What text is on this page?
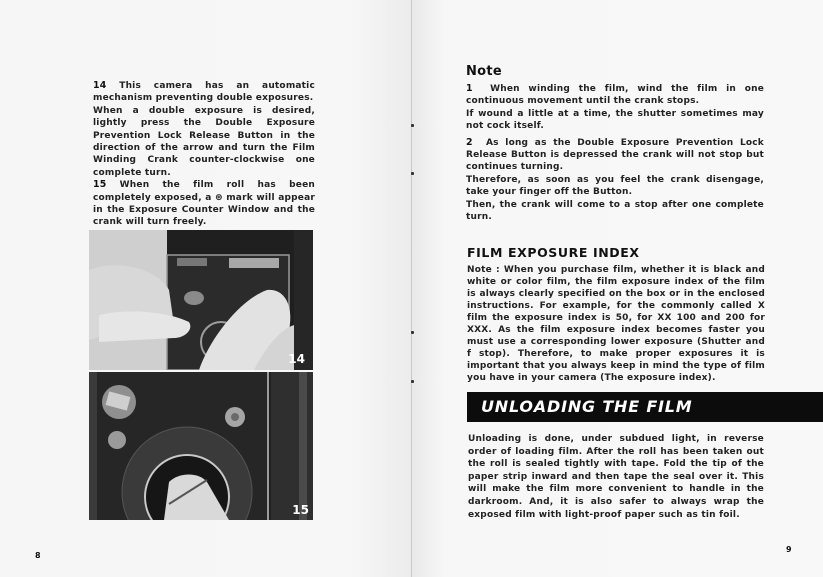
14 This camera has an automatic mechanism preventing double exposures.

When a double exposure is desired, lightly press the Double Exposure Prevention Lock Release Button in the direction of the arrow and turn the Film Winding Crank counter-clockwise one complete turn.

15 When the film roll has been completely exposed, a ⊛ mark will appear in the Exposure Counter Window and the crank will turn freely.

14
15
8
Note

1 When winding the film, wind the film in one continuous movement until the crank stops.

If wound a little at a time, the shutter sometimes may not cock itself.

2 As long as the Double Exposure Prevention Lock Release Button is depressed the crank will not stop but continues turning.

Therefore, as soon as you feel the crank disengage, take your finger off the Button.

Then, the crank will come to a stop after one complete turn.

FILM EXPOSURE INDEX
Note : When you purchase film, whether it is black and white or color film, the film exposure index of the film is always clearly specified on the box or in the enclosed instructions. For example, for the commonly called X film the exposure index is 50, for XX 100 and 200 for XXX. As the film exposure index becomes faster you must use a corresponding lower exposure (Shutter and f stop). Therefore, to make proper exposures it is important that you always keep in mind the type of film you have in your camera (The exposure index).
UNLOADING THE FILM
Unloading is done, under subdued light, in reverse order of loading film. After the roll has been taken out the roll is sealed tightly with tape. Fold the tip of the paper strip inward and then tape the seal over it. This will make the film more convenient to handle in the darkroom. And, it is also safer to always wrap the exposed film with light-proof paper such as tin foil.
9
